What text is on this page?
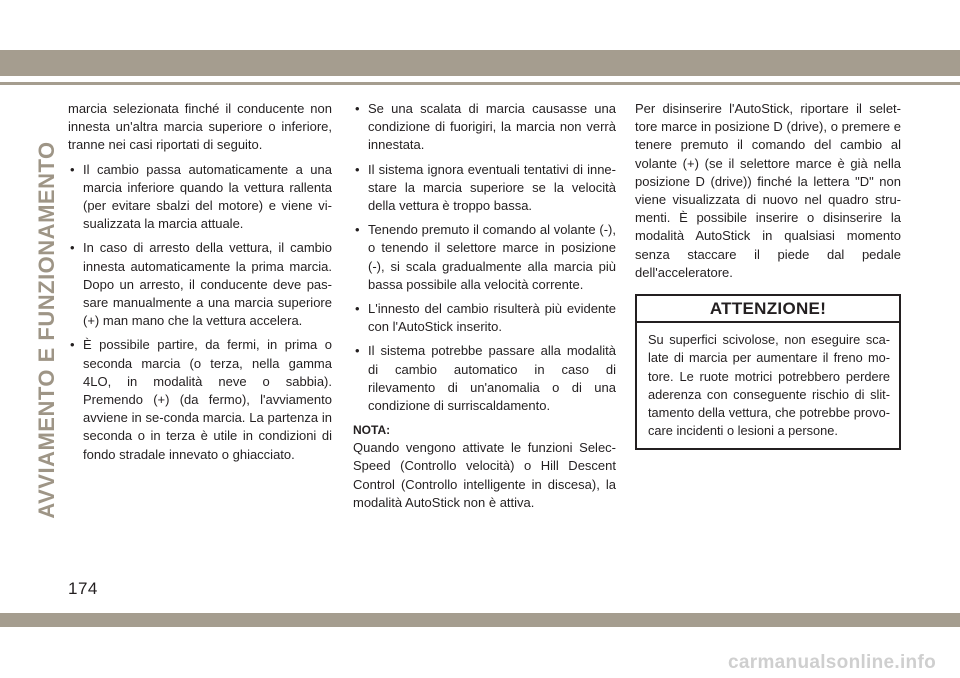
AVVIAMENTO E FUNZIONAMENTO

marcia selezionata finché il conducente non innesta un'altra marcia superiore o inferiore, tranne nei casi riportati di seguito.

• Il cambio passa automaticamente a una marcia inferiore quando la vettura rallenta (per evitare sbalzi del motore) e viene vi-sualizzata la marcia attuale.
• In caso di arresto della vettura, il cambio innesta automaticamente la prima marcia. Dopo un arresto, il conducente deve pas-sare manualmente a una marcia superiore (+) man mano che la vettura accelera.
• È possibile partire, da fermi, in prima o seconda marcia (o terza, nella gamma 4LO, in modalità neve o sabbia). Premendo (+) (da fermo), l'avviamento avviene in se-conda marcia. La partenza in seconda o in terza è utile in condizioni di fondo stradale innevato o ghiacciato.
• Se una scalata di marcia causasse una condizione di fuorigiri, la marcia non verrà innestata.
• Il sistema ignora eventuali tentativi di inne-stare la marcia superiore se la velocità della vettura è troppo bassa.
• Tenendo premuto il comando al volante (-), o tenendo il selettore marce in posizione (-), si scala gradualmente alla marcia più bassa possibile alla velocità corrente.
• L'innesto del cambio risulterà più evidente con l'AutoStick inserito.
• Il sistema potrebbe passare alla modalità di cambio automatico in caso di rilevamento di un'anomalia o di una condizione di surriscaldamento.
NOTA:

Quando vengono attivate le funzioni Selec-Speed (Controllo velocità) o Hill Descent Control (Controllo intelligente in discesa), la modalità AutoStick non è attiva.

Per disinserire l'AutoStick, riportare il selet-tore marce in posizione D (drive), o premere e tenere premuto il comando del cambio al volante (+) (se il selettore marce è già nella posizione D (drive)) finché la lettera "D" non viene visualizzata di nuovo nel quadro stru-menti. È possibile inserire o disinserire la modalità AutoStick in qualsiasi momento senza staccare il piede dal pedale dell'acceleratore.

ATTENZIONE!
Su superfici scivolose, non eseguire sca-late di marcia per aumentare il freno mo-tore. Le ruote motrici potrebbero perdere aderenza con conseguente rischio di slit-tamento della vettura, che potrebbe provo-care incidenti o lesioni a persone.
174
carmanualsonline.info
